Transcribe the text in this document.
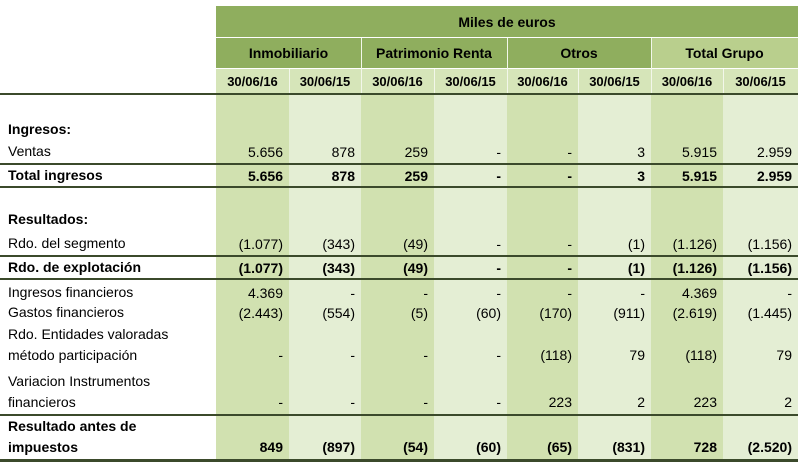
Miles de euros
Inmobiliario	Patrimonio Renta	Otros	Total Grupo
30/06/16	30/06/15	30/06/16	30/06/15	30/06/16	30/06/15	30/06/16	30/06/15
Ingresos:
Ventas	5.656	878	259	-	-	3	5.915	2.959
Total ingresos	5.656	878	259	-	-	3	5.915	2.959
Resultados:
Rdo. del segmento	(1.077)	(343)	(49)	-	-	(1)	(1.126)	(1.156)
Rdo. de explotación	(1.077)	(343)	(49)	-	-	(1)	(1.126)	(1.156)
Ingresos financieros	4.369	-	-	-	-	-	4.369	-
Gastos financieros	(2.443)	(554)	(5)	(60)	(170)	(911)	(2.619)	(1.445)
Rdo. Entidades valoradas
método participación	-	-	-	-	(118)	79	(118)	79
Variacion Instrumentos
financieros	-	-	-	-	223	2	223	2
Resultado antes de
impuestos	849	(897)	(54)	(60)	(65)	(831)	728	(2.520)
